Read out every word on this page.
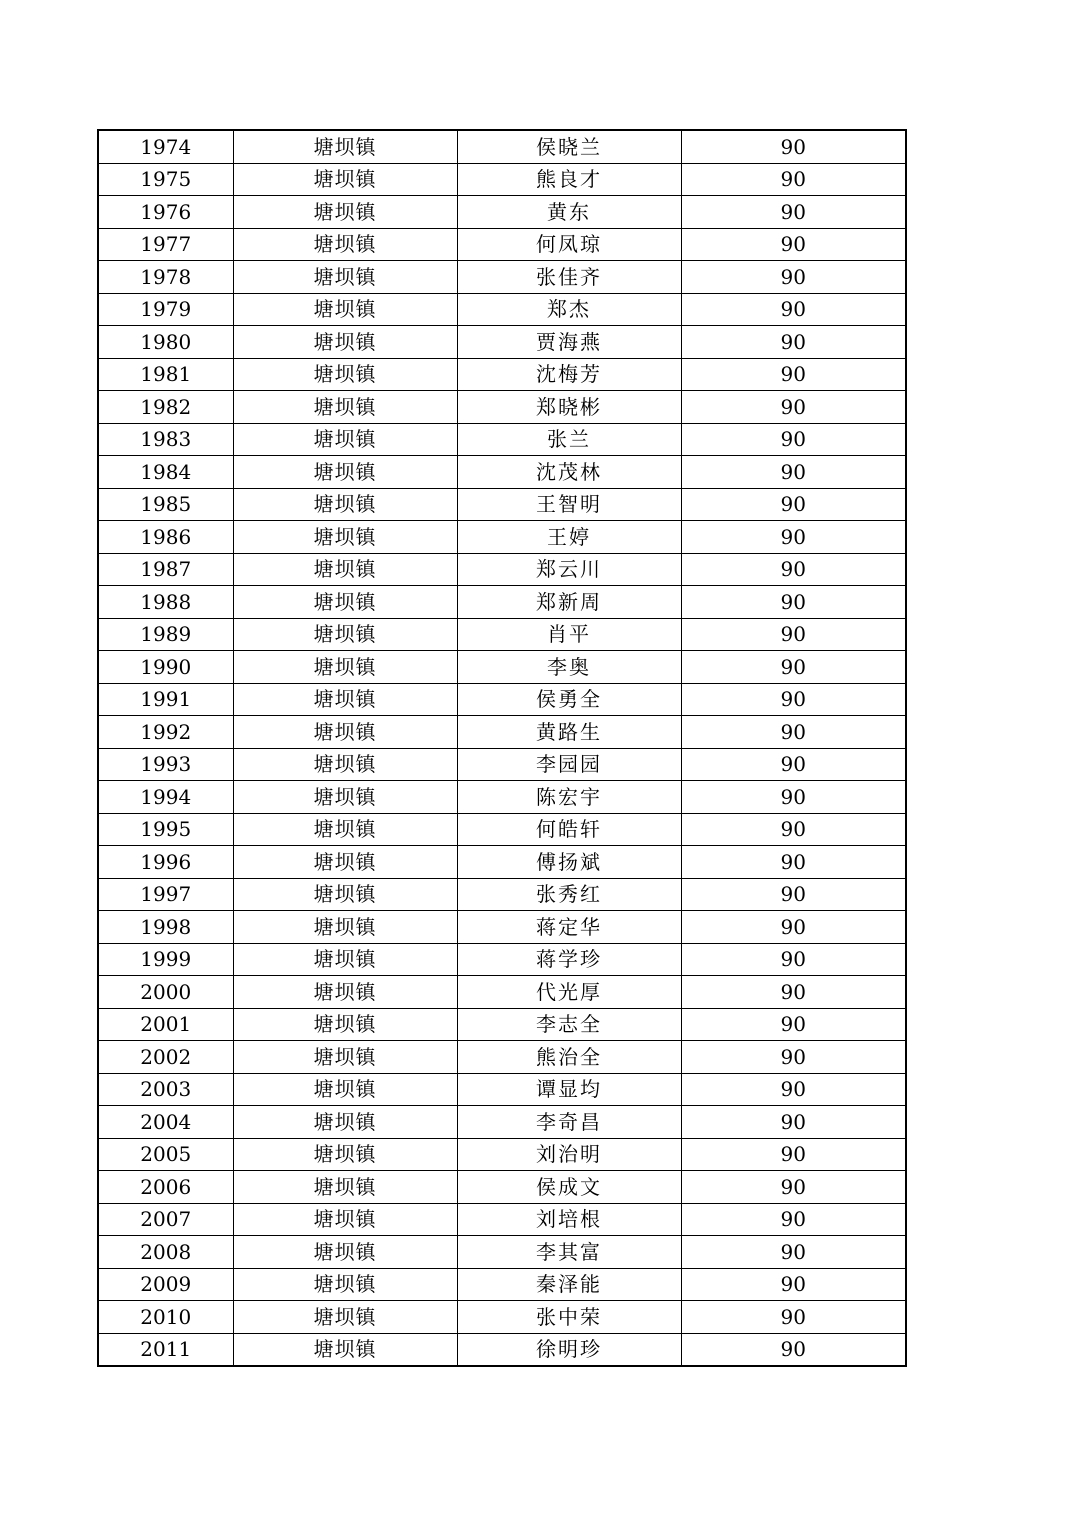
1974	塘坝镇	侯晓兰	90
1975	塘坝镇	熊良才	90
1976	塘坝镇	黄东	90
1977	塘坝镇	何凤琼	90
1978	塘坝镇	张佳齐	90
1979	塘坝镇	郑杰	90
1980	塘坝镇	贾海燕	90
1981	塘坝镇	沈梅芳	90
1982	塘坝镇	郑晓彬	90
1983	塘坝镇	张兰	90
1984	塘坝镇	沈茂林	90
1985	塘坝镇	王智明	90
1986	塘坝镇	王婷	90
1987	塘坝镇	郑云川	90
1988	塘坝镇	郑新周	90
1989	塘坝镇	肖平	90
1990	塘坝镇	李奥	90
1991	塘坝镇	侯勇全	90
1992	塘坝镇	黄路生	90
1993	塘坝镇	李园园	90
1994	塘坝镇	陈宏宇	90
1995	塘坝镇	何皓轩	90
1996	塘坝镇	傅扬斌	90
1997	塘坝镇	张秀红	90
1998	塘坝镇	蒋定华	90
1999	塘坝镇	蒋学珍	90
2000	塘坝镇	代光厚	90
2001	塘坝镇	李志全	90
2002	塘坝镇	熊治全	90
2003	塘坝镇	谭显均	90
2004	塘坝镇	李奇昌	90
2005	塘坝镇	刘治明	90
2006	塘坝镇	侯成文	90
2007	塘坝镇	刘培根	90
2008	塘坝镇	李其富	90
2009	塘坝镇	秦泽能	90
2010	塘坝镇	张中荣	90
2011	塘坝镇	徐明珍	90
